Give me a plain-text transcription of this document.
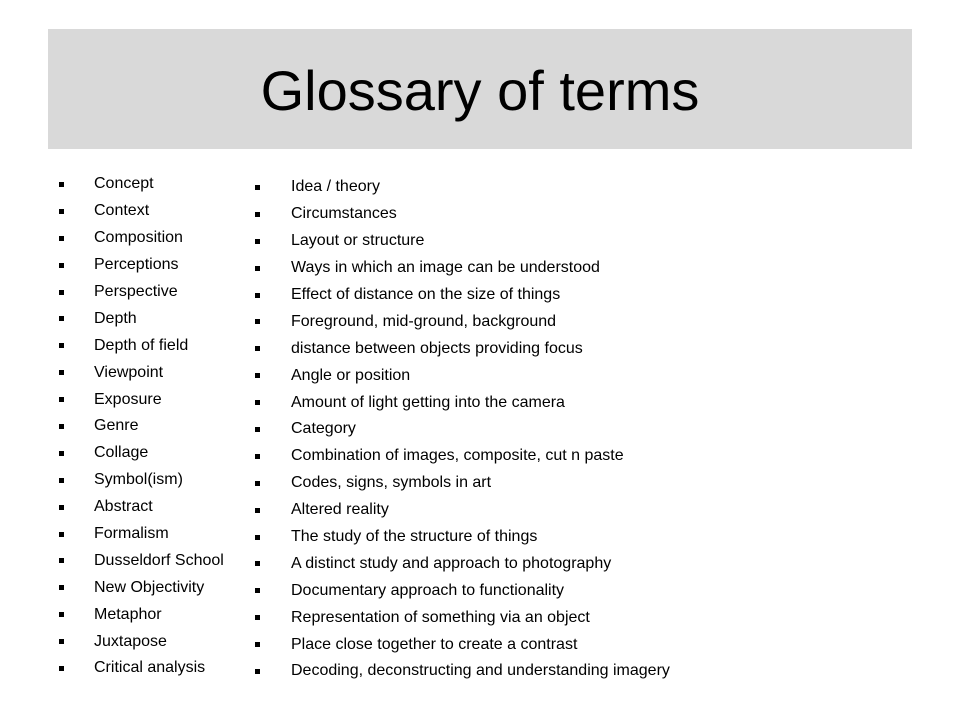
Glossary of terms
Concept
Context
Composition
Perceptions
Perspective
Depth
Depth of field
Viewpoint
Exposure
Genre
Collage
Symbol(ism)
Abstract
Formalism
Dusseldorf School
New Objectivity
Metaphor
Juxtapose
Critical analysis
Idea / theory
Circumstances
Layout or structure
Ways in which an image can be understood
Effect of distance on the size of things
Foreground, mid-ground, background
distance between objects providing focus
Angle or position
Amount of light getting into the camera
Category
Combination of images, composite, cut n paste
Codes, signs, symbols in art
Altered reality
The study of the structure of things
A distinct study and approach to photography
Documentary approach to functionality
Representation of something via an object
Place close together to create a contrast
Decoding, deconstructing and understanding imagery
